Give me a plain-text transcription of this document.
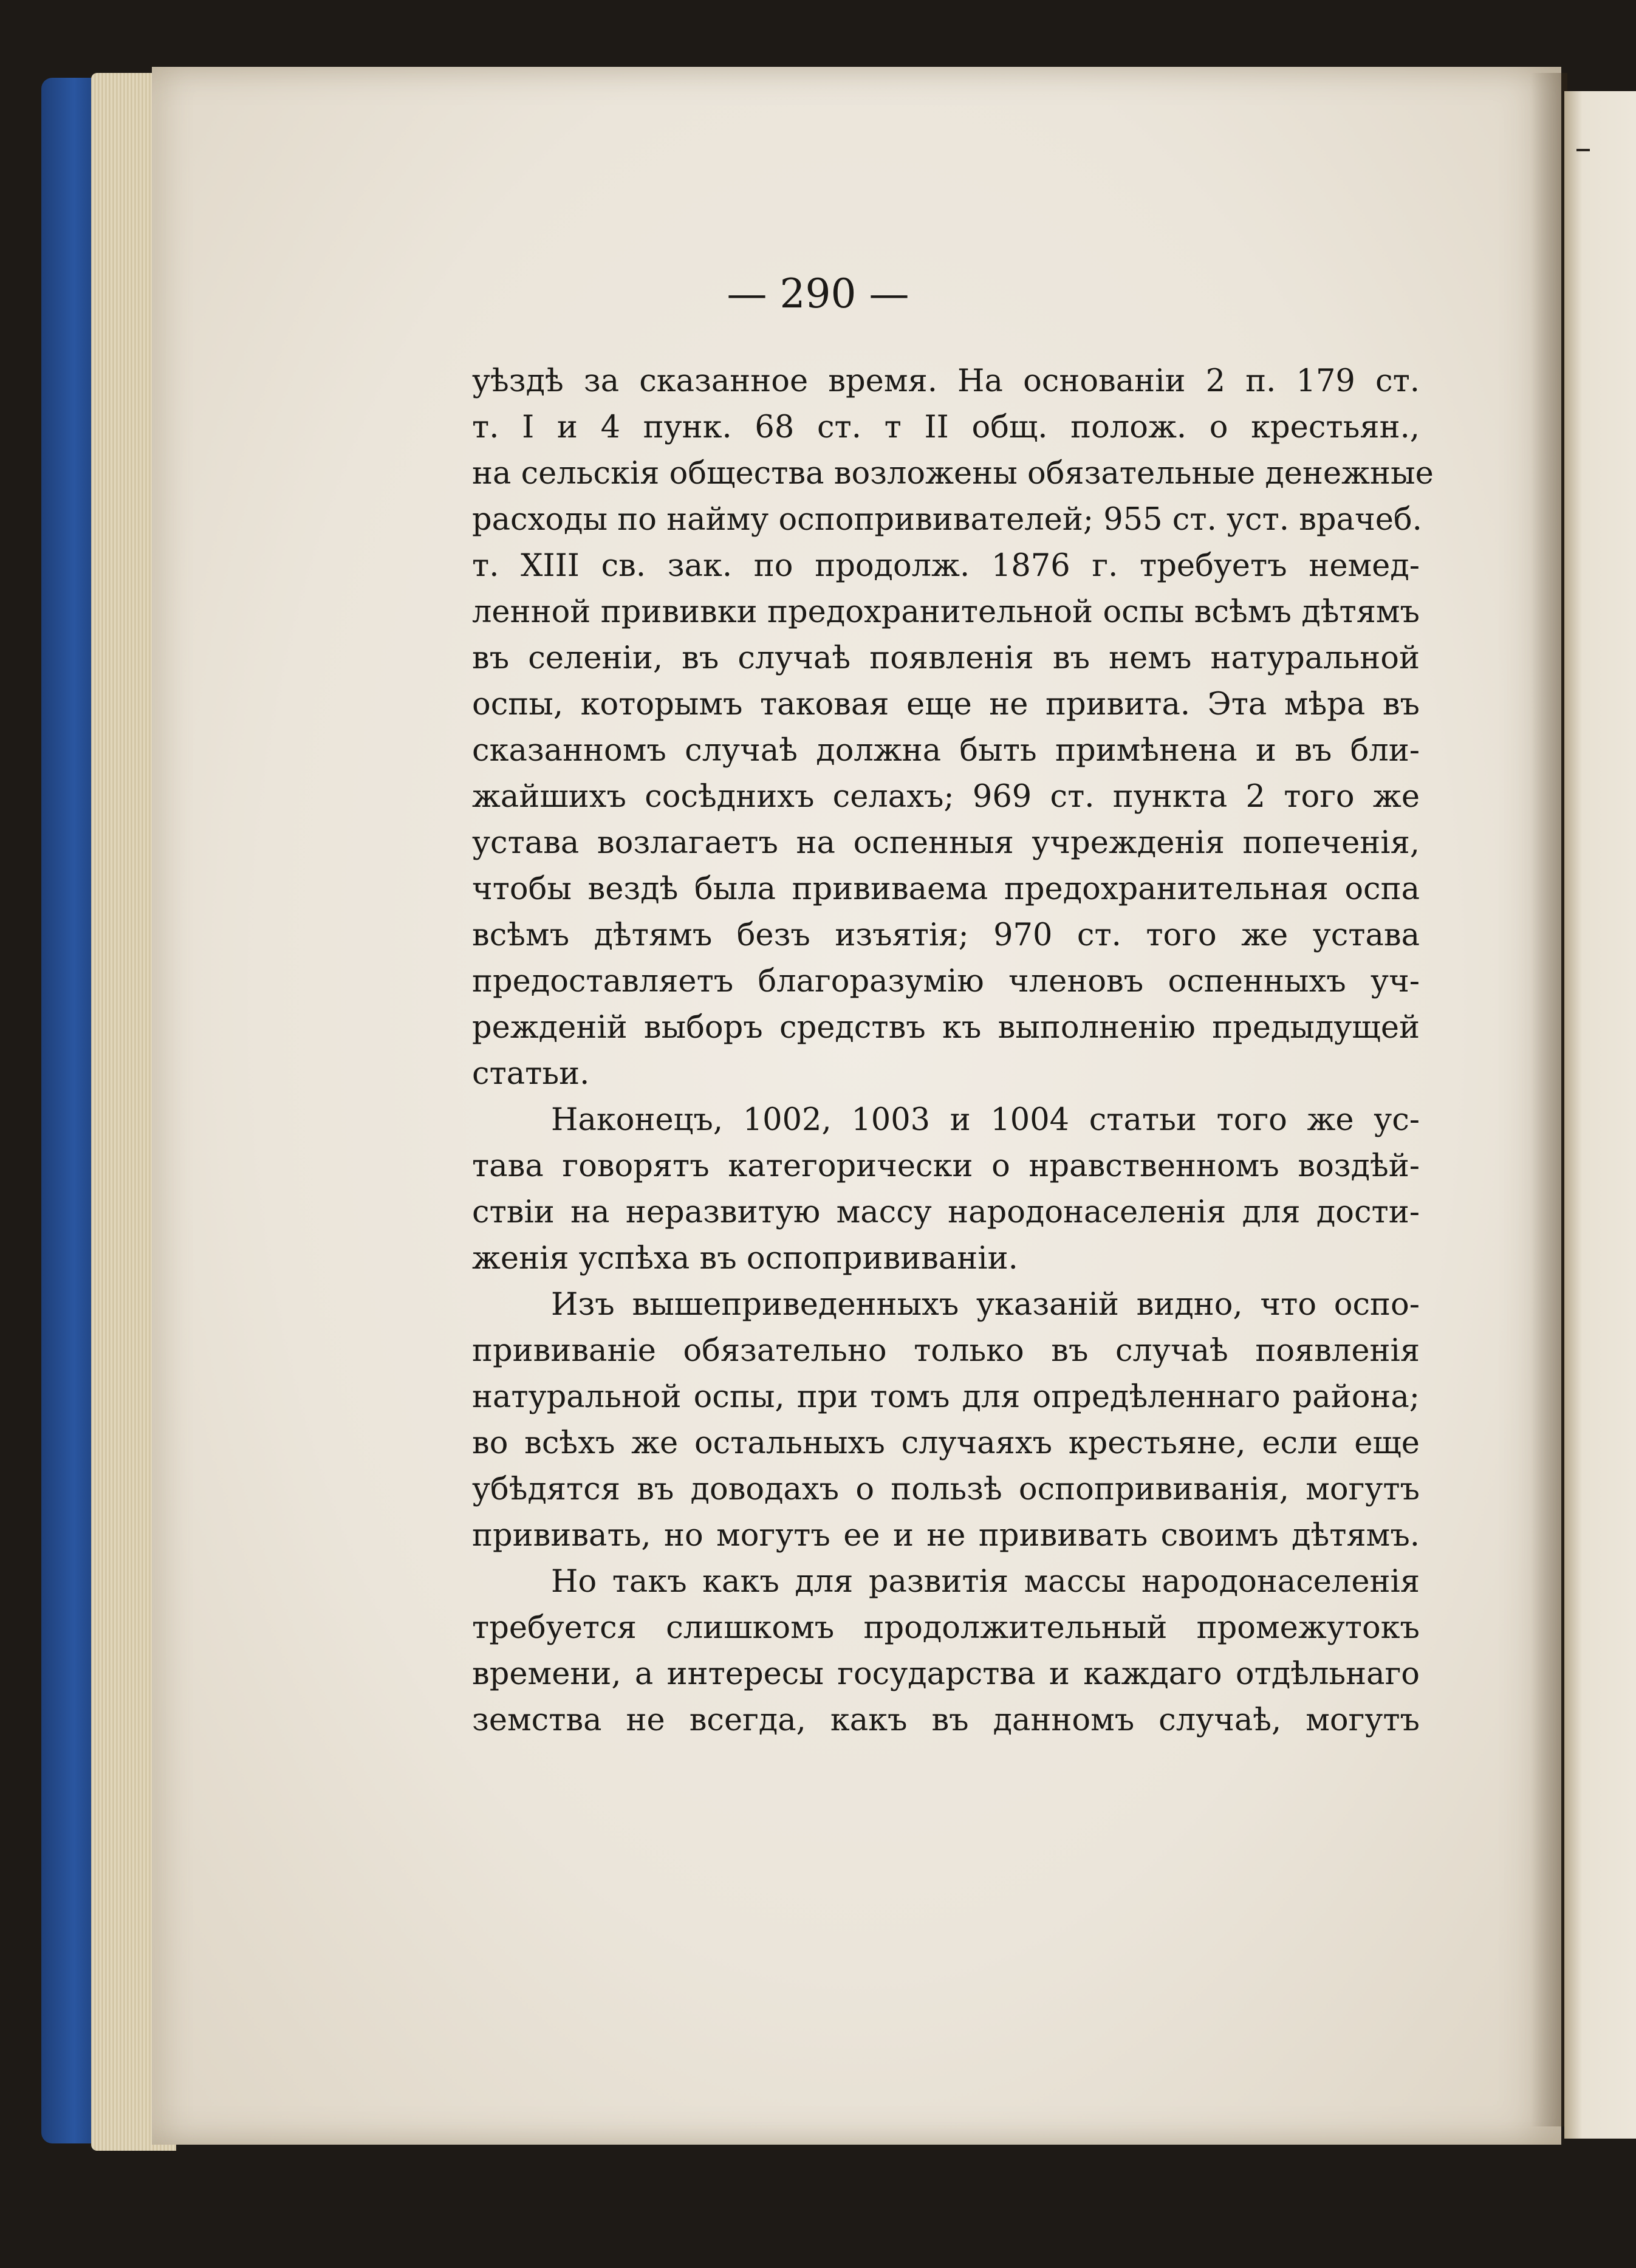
— 290 —
уѣздѣ за сказанное время. На основаніи 2 п. 179 ст.
т. I и 4 пунк. 68 ст. т II общ. полож. о крестьян.,
на сельскія общества возложены обязательные денежные
расходы по найму оспопрививателей; 955 ст. уст. врачеб.
т. XIII св. зак. по продолж. 1876 г. требуетъ немед-
ленной прививки предохранительной оспы всѣмъ дѣтямъ
въ селеніи, въ случаѣ появленія въ немъ натуральной
оспы, которымъ таковая еще не привита. Эта мѣра въ
сказанномъ случаѣ должна быть примѣнена и въ бли-
жайшихъ сосѣднихъ селахъ; 969 ст. пункта 2 того же
устава возлагаетъ на оспенныя учрежденія попеченія,
чтобы вездѣ была прививаема предохранительная оспа
всѣмъ дѣтямъ безъ изъятія; 970 ст. того же устава
предоставляетъ благоразумію членовъ оспенныхъ уч-
режденій выборъ средствъ къ выполненію предыдущей
статьи.
Наконецъ, 1002, 1003 и 1004 статьи того же ус-
тава говорятъ категорически о нравственномъ воздѣй-
ствіи на неразвитую массу народонаселенія для дости-
женія успѣха въ оспопрививаніи.
Изъ вышеприведенныхъ указаній видно, что оспо-
прививаніе обязательно только въ случаѣ появленія
натуральной оспы, при томъ для опредѣленнаго района;
во всѣхъ же остальныхъ случаяхъ крестьяне, если еще
убѣдятся въ доводахъ о пользѣ оспопрививанія, могутъ
прививать, но могутъ ее и не прививать своимъ дѣтямъ.
Но такъ какъ для развитія массы народонаселенія
требуется слишкомъ продолжительный промежутокъ
времени, а интересы государства и каждаго отдѣльнаго
земства не всегда, какъ въ данномъ случаѣ, могутъ
